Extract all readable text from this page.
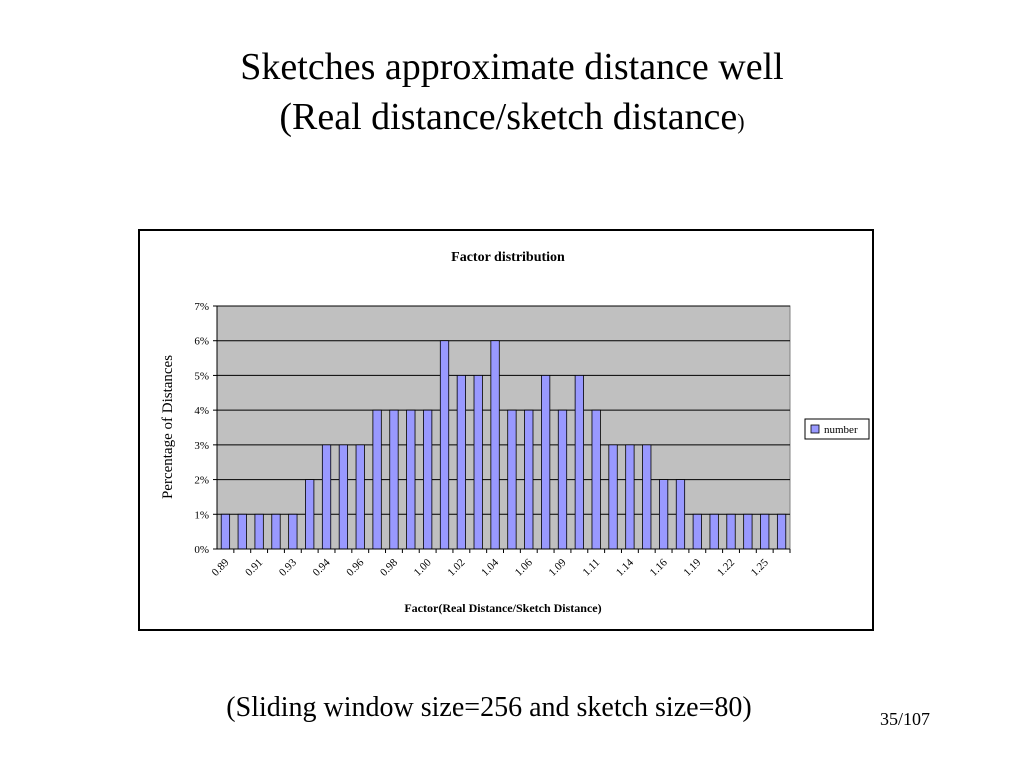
Sketches approximate distance well
(Real distance/sketch distance)
Factor distribution
0%
1%
2%
3%
4%
5%
6%
7%
0.89 0.91 0.93 0.94 0.96 0.98 1.00 1.02 1.04 1.06 1.09 1.11 1.14 1.16 1.19 1.22 1.25
Percentage of Distances
Factor(Real Distance/Sketch Distance)
number
(Sliding window size=256 and sketch size=80)	35/107
